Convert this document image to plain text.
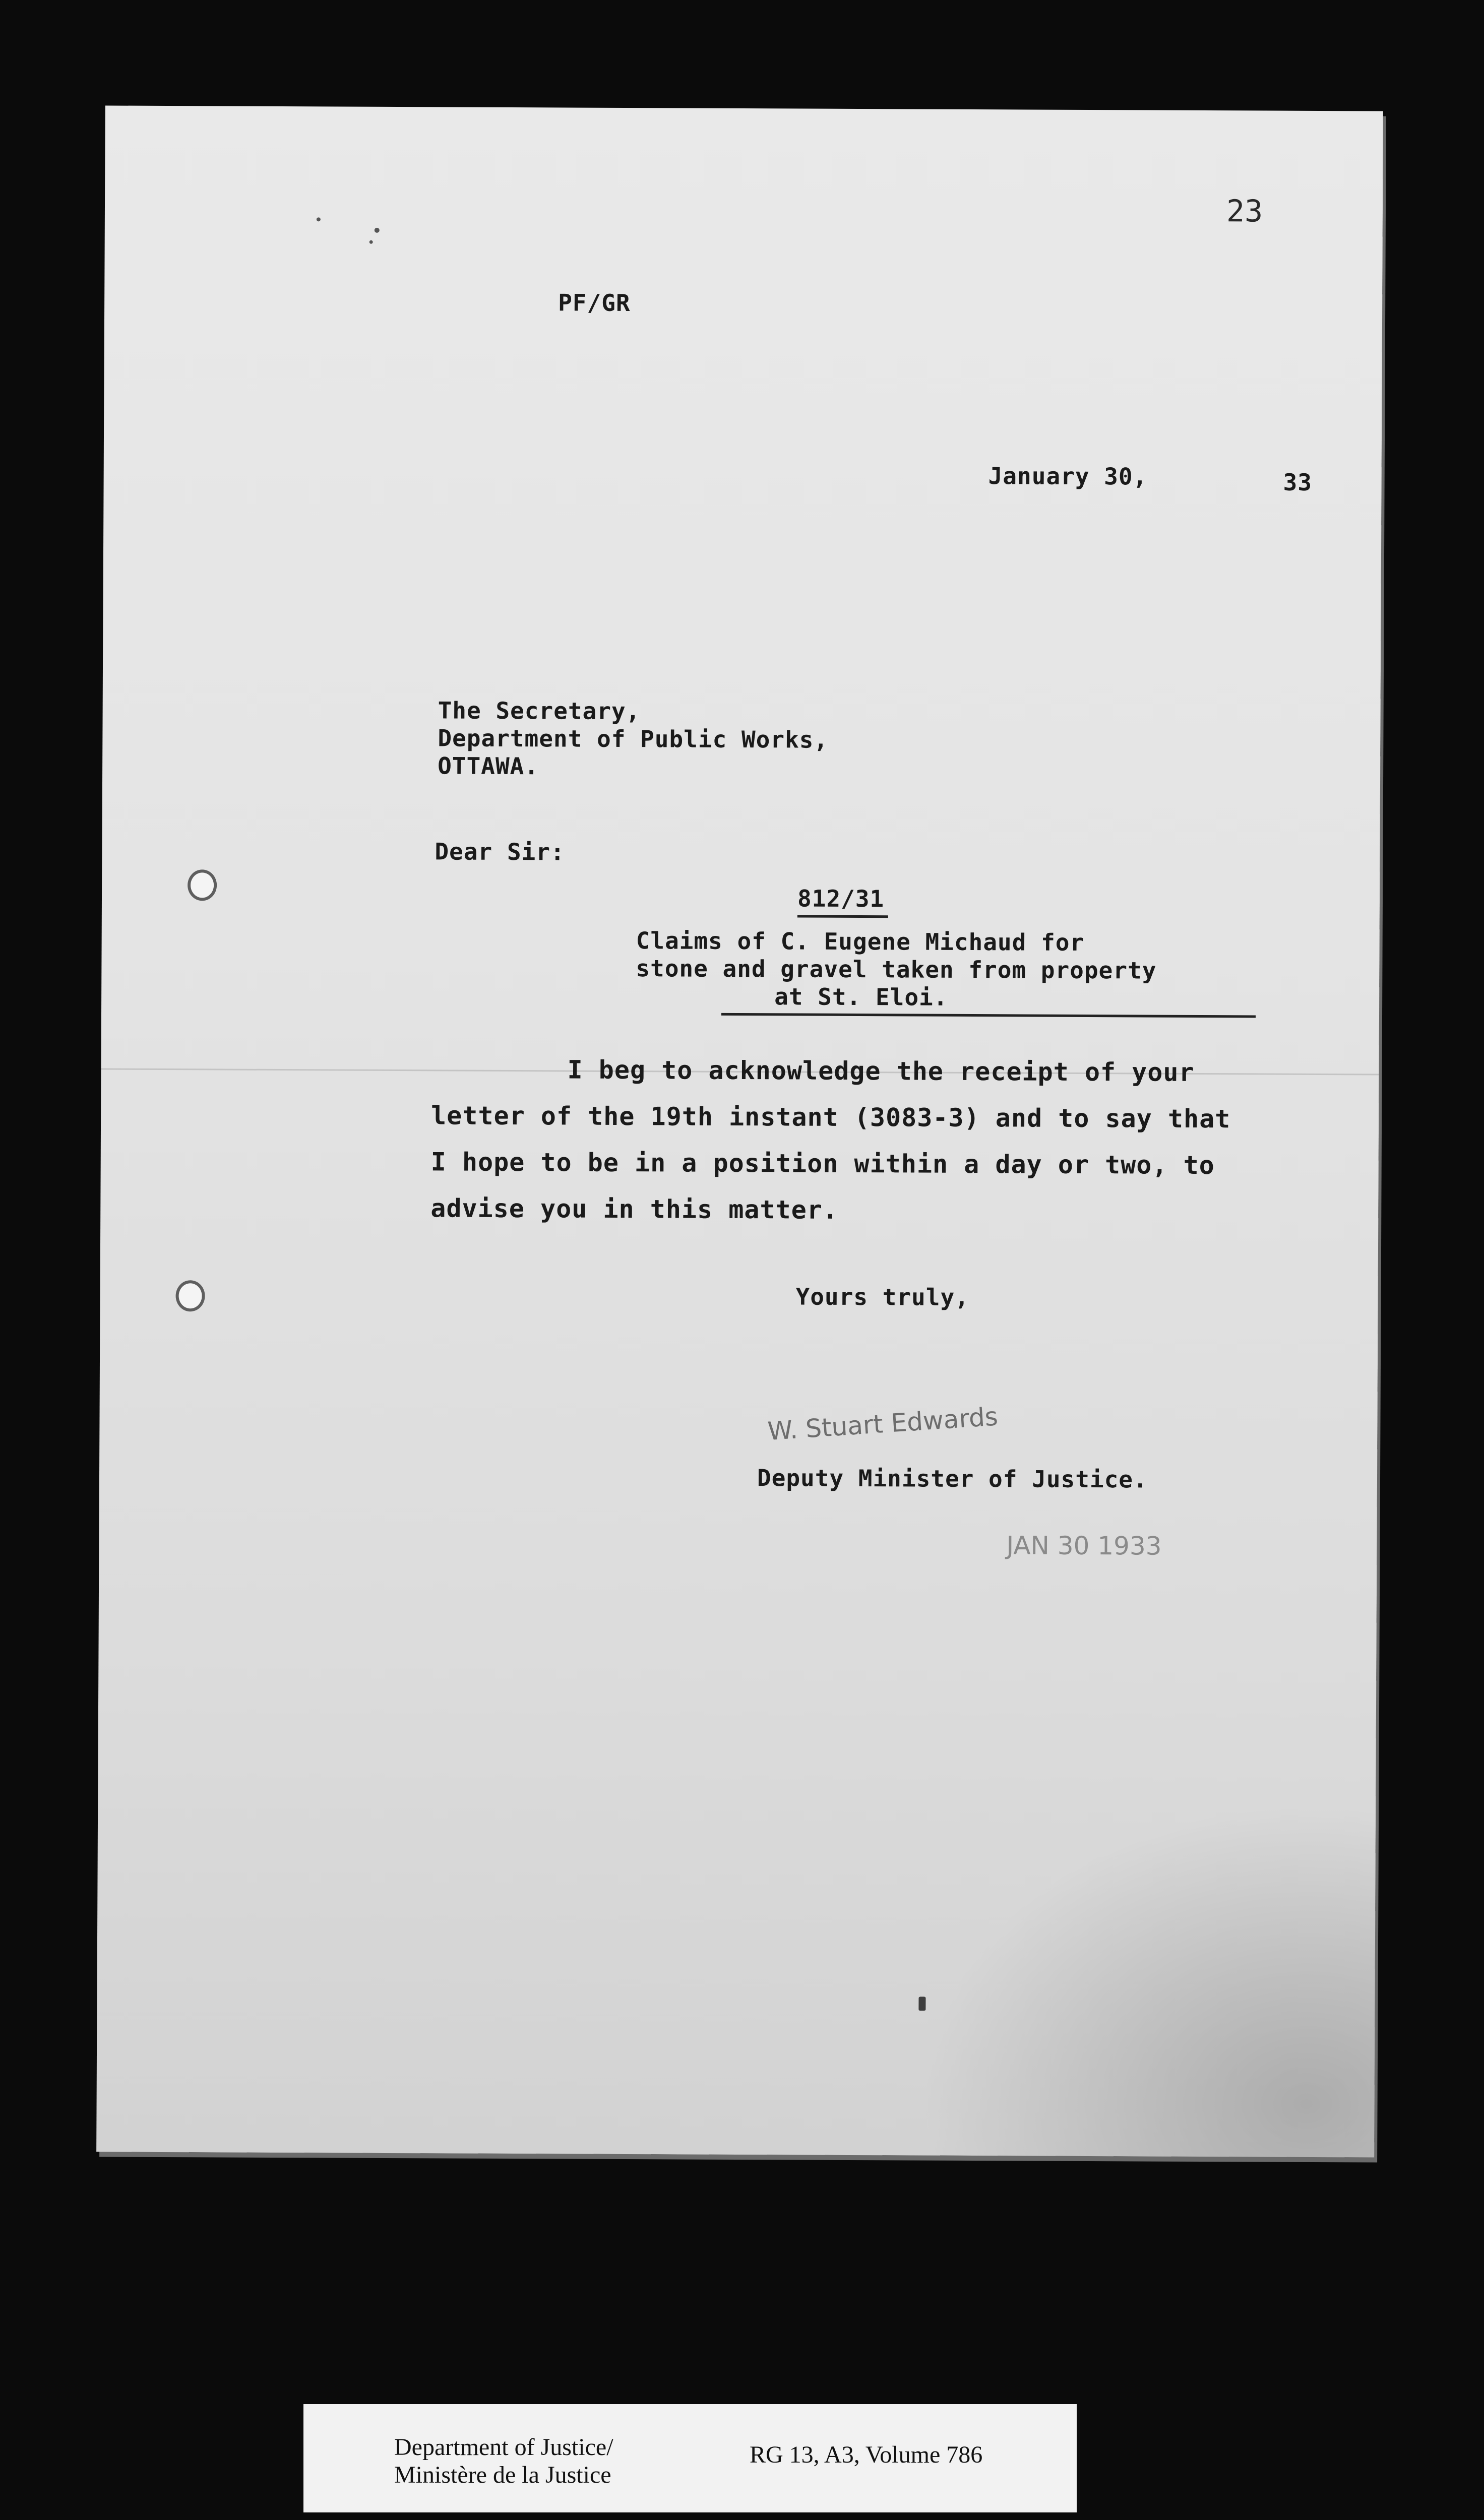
23
PF/GR
January 30,	33
The Secretary,
Department of Public Works,
OTTAWA.
Dear Sir:
812/31
Claims of C. Eugene Michaud for
stone and gravel taken from property
at St. Eloi.
I beg to acknowledge the receipt of your
letter of the 19th instant (3083-3) and to say that
I hope to be in a position within a day or two, to
advise you in this matter.
Yours truly,
W. Stuart Edwards
Deputy Minister of Justice.
JAN 30 1933
Department of Justice/
Ministère de la Justice
RG 13, A3, Volume 786
